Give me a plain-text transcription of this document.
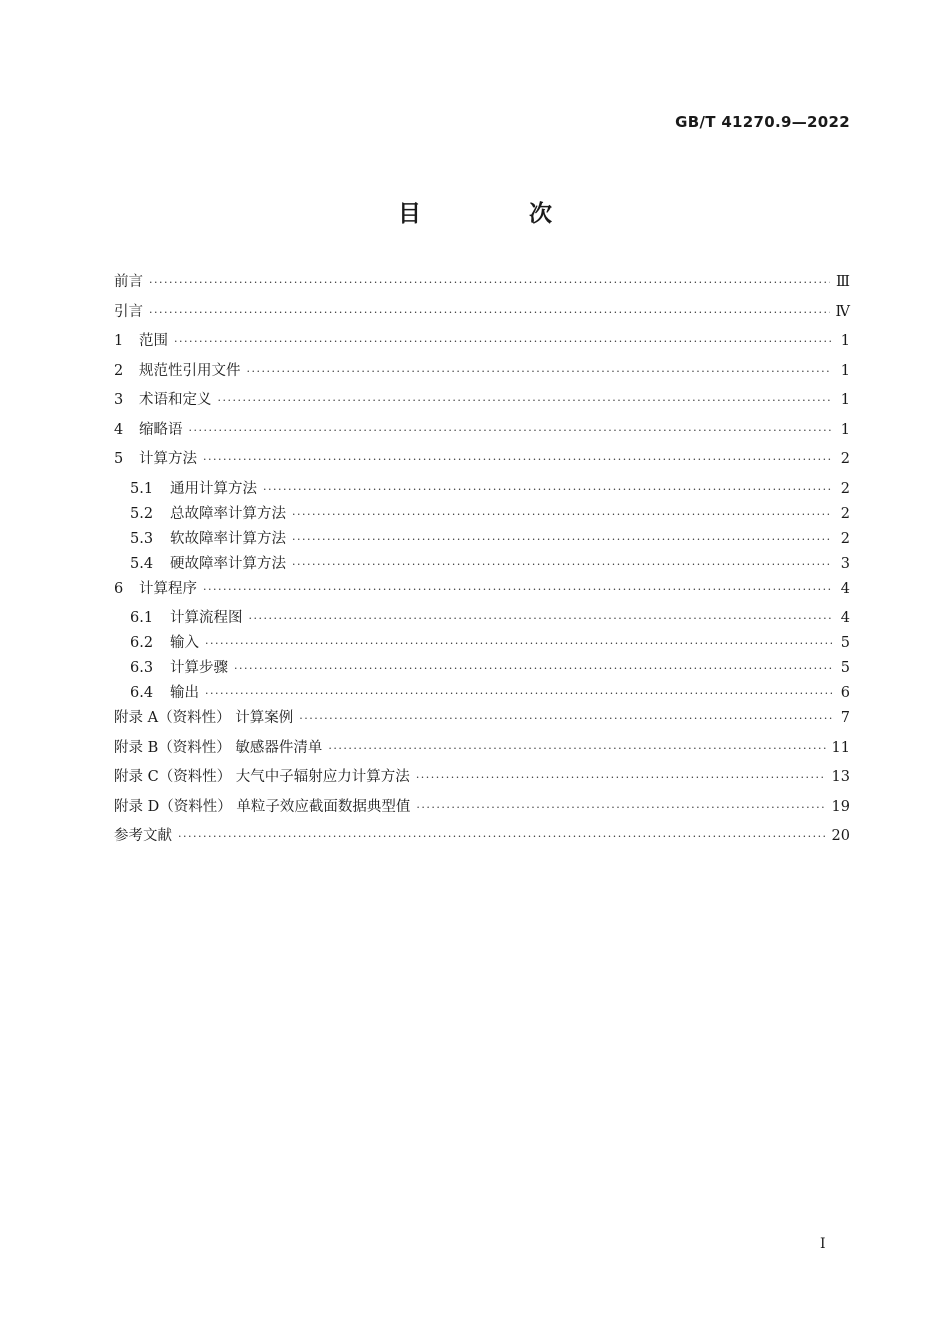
GB/T 41270.9—2022
目 次
前言 ·····	Ⅲ
引言 ·····	Ⅳ
1	范围 ·····	1
2	规范性引用文件 ·····	1
3	术语和定义 ·····	1
4	缩略语 ·····	1
5	计算方法 ·····	2
5.1	通用计算方法 ·····	2
5.2	总故障率计算方法 ·····	2
5.3	软故障率计算方法 ·····	2
5.4	硬故障率计算方法 ·····	3
6	计算程序 ·····	4
6.1	计算流程图 ·····	4
6.2	输入 ·····	5
6.3	计算步骤 ·····	5
6.4	输出 ·····	6
附录 A（资料性） 计算案例 ·····	7
附录 B（资料性） 敏感器件清单 ·····	11
附录 C（资料性） 大气中子辐射应力计算方法 ·····	13
附录 D（资料性） 单粒子效应截面数据典型值 ·····	19
参考文献 ·····	20
I
